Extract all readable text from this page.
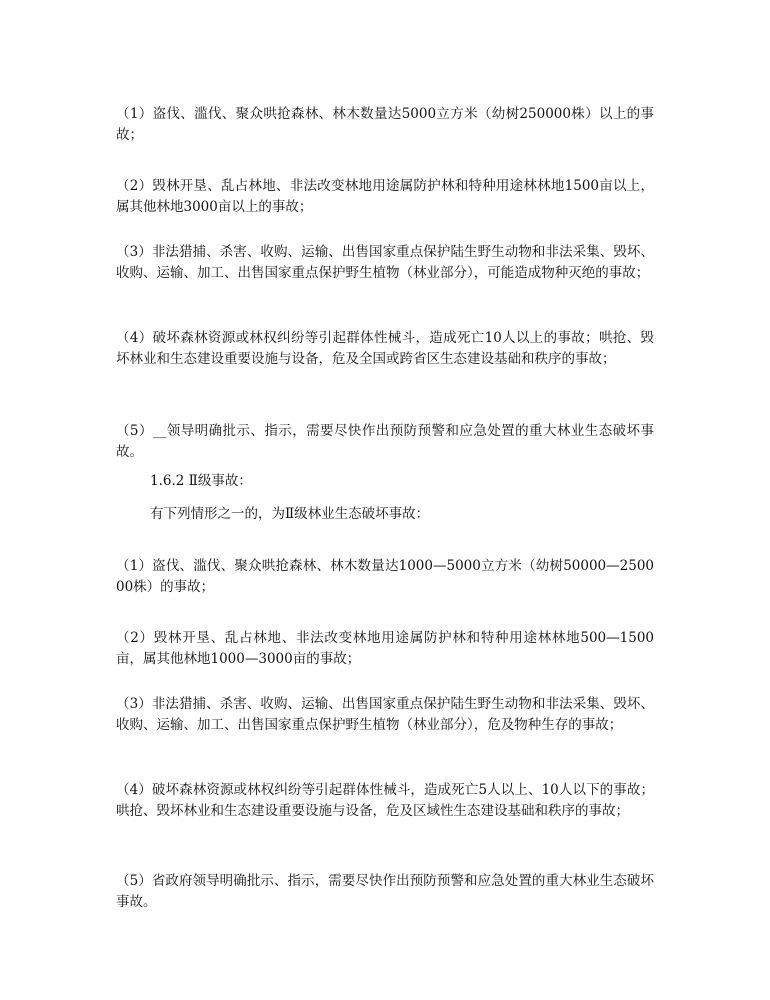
（1）盗伐、滥伐、聚众哄抢森林、林木数量达5000立方米（幼树250000株）以上的事故；

（2）毁林开垦、乱占林地、非法改变林地用途属防护林和特种用途林林地1500亩以上，属其他林地3000亩以上的事故；

（3）非法猎捕、杀害、收购、运输、出售国家重点保护陆生野生动物和非法采集、毁坏、收购、运输、加工、出售国家重点保护野生植物（林业部分），可能造成物种灭绝的事故；

（4）破坏森林资源或林权纠纷等引起群体性械斗，造成死亡10人以上的事故；哄抢、毁坏林业和生态建设重要设施与设备，危及全国或跨省区生态建设基础和秩序的事故；

（5）__领导明确批示、指示，需要尽快作出预防预警和应急处置的重大林业生态破坏事故。

1.6.2 Ⅱ级事故：

有下列情形之一的，为Ⅱ级林业生态破坏事故：

（1）盗伐、滥伐、聚众哄抢森林、林木数量达1000—5000立方米（幼树50000—250000株）的事故；

（2）毁林开垦、乱占林地、非法改变林地用途属防护林和特种用途林林地500—1500亩，属其他林地1000—3000亩的事故；

（3）非法猎捕、杀害、收购、运输、出售国家重点保护陆生野生动物和非法采集、毁坏、收购、运输、加工、出售国家重点保护野生植物（林业部分），危及物种生存的事故；

（4）破坏森林资源或林权纠纷等引起群体性械斗，造成死亡5人以上、10人以下的事故；哄抢、毁坏林业和生态建设重要设施与设备，危及区域性生态建设基础和秩序的事故；

（5）省政府领导明确批示、指示，需要尽快作出预防预警和应急处置的重大林业生态破坏事故。
